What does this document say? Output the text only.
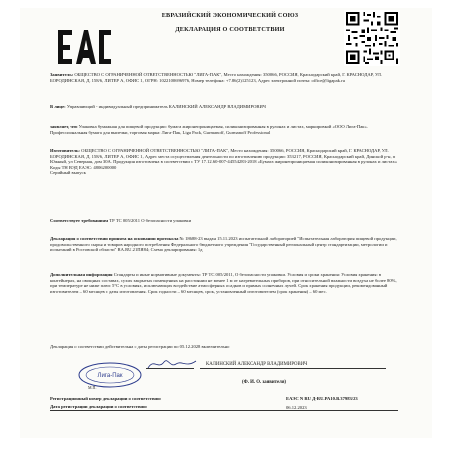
ЕВРАЗИЙСКИЙ ЭКОНОМИЧЕСКИЙ СОЮЗ
ДЕКЛАРАЦИЯ О СООТВЕТСТВИИ
Заявитель: ОБЩЕСТВО С ОГРАНИЧЕННОЙ ОТВЕТСТВЕННОСТЬЮ "ЛИГА-ПАК", Место нахождения: 350066, РОССИЯ, Краснодарский край, Г. КРАСНОДАР, УЛ. БОРОДИНСКАЯ, Д. 158/6, ЛИТЕР А, ОФИС 1, ОГРН: 1022100696976, Номер телефона: +7.86(2)125123, Адрес электронной почты: office@ligapak.ru
В лице: Управляющий - индивидуальный предприниматель КАЛИНСКИЙ АЛЕКСАНДР ВЛАДИМИРОВИЧ
заявляет, что Упаковка бумажная для пищевой продукции: бумага жиронепроницаемая, силиконизированная в рулонах и листах, маркировкой «ООО Лига-Пак». Профессиональная бумага для выпечки, торговая марка: Лига-Пак, Liga Pack, Gurmanoff, Gurmanoff Professional
Изготовитель: ОБЩЕСТВО С ОГРАНИЧЕННОЙ ОТВЕТСТВЕННОСТЬЮ "ЛИГА-ПАК", Место нахождения: 350066, РОССИЯ, Краснодарский край, Г. КРАСНОДАР, УЛ. БОРОДИНСКАЯ, Д. 158/6, ЛИТЕР А, ОФИС 1, Адрес места осуществления деятельности по изготовлению продукции: 353217, РОССИЯ, Краснодарский край, Динской р-н, п Южный, ул Северная, дом 30А. Продукция изготовлена в соответствии с ТУ 17.12.60-007-44554283-2018 «Бумага жиронепроницаемая силиконизированная в рулонах и листах»
Коды ТН ВЭД ЕАЭС: 4806200000
Серийный выпуск
Соответствует требованиям ТР ТС 005/2011 О безопасности упаковки
Декларация о соответствии принята на основании протокола № 18688-23 выдан 15.11.2023 испытательной лабораторией "Испытательная лаборатория пищевой продукции, продовольственного сырья и товаров народного потребления Федерального бюджетного учреждения "Государственный региональный центр стандартизации, метрологии и испытаний в Ростовской области" RA.RU.21ПЯ84; Схема декларирования: 1д
Дополнительная информация Стандарты и иные нормативные документы: ТР ТС 005/2011, О безопасности упаковки. Условия и сроки хранения: Условия хранения: в контейнерах, на овощных составах, сухих закрытых помещениях на расстоянии не менее 1 м от нагревательных приборов, при относительной влажности воздуха не более 80%, при температуре не ниже плюс 5°С в условиях, исключающих воздействие атмосферных осадков и прямых солнечных лучей. Срок хранения продукции, рекомендованный изготовителем – 60 месяцев с даты изготовления. Срок годности – 60 месяцев, срок, установленный изготовителем (срок хранения) – 60 мес.
Декларация о соответствии действительна с даты регистрации по 05.12.2028 включительно
Лига-Пак
М.П.
КАЛИНСКИЙ АЛЕКСАНДР ВЛАДИМИРОВИЧ
(Ф. И. О. заявителя)
Регистрационный номер декларации о соответствии:
Дата регистрации декларации о соответствии:
ЕАЭС N RU Д-RU.PA10.B.37983/23
06.12.2023
